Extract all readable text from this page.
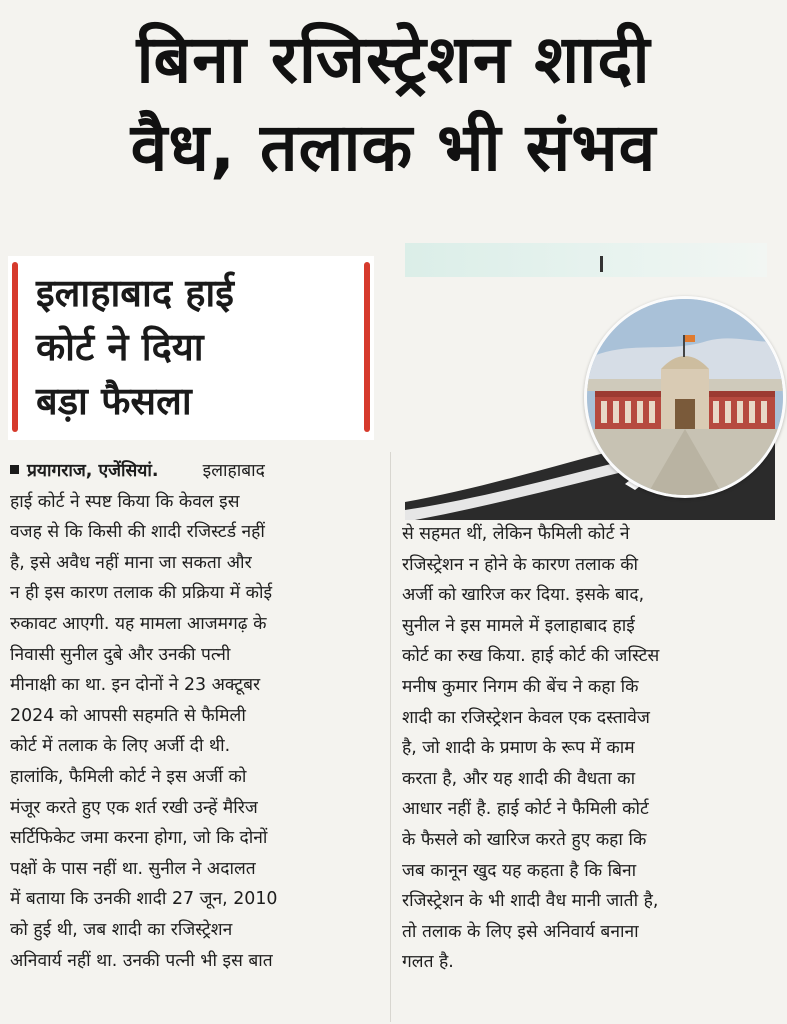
बिना रजिस्ट्रेशन शादी
वैध, तलाक भी संभव
इलाहाबाद हाई
कोर्ट ने दिया
बड़ा फैसला
प्रयागराज, एजेंसियां.	इलाहाबाद
हाई कोर्ट ने स्पष्ट किया कि केवल इस
वजह से कि किसी की शादी रजिस्टर्ड नहीं
है, इसे अवैध नहीं माना जा सकता और
न ही इस कारण तलाक की प्रक्रिया में कोई
रुकावट आएगी. यह मामला आजमगढ़ के
निवासी सुनील दुबे और उनकी पत्नी
मीनाक्षी का था. इन दोनों ने 23 अक्टूबर
2024 को आपसी सहमति से फैमिली
कोर्ट में तलाक के लिए अर्जी दी थी.
हालांकि, फैमिली कोर्ट ने इस अर्जी को
मंजूर करते हुए एक शर्त रखी उन्हें मैरिज
सर्टिफिकेट जमा करना होगा, जो कि दोनों
पक्षों के पास नहीं था. सुनील ने अदालत
में बताया कि उनकी शादी 27 जून, 2010
को हुई थी, जब शादी का रजिस्ट्रेशन
अनिवार्य नहीं था. उनकी पत्नी भी इस बात
से सहमत थीं, लेकिन फैमिली कोर्ट ने
रजिस्ट्रेशन न होने के कारण तलाक की
अर्जी को खारिज कर दिया. इसके बाद,
सुनील ने इस मामले में इलाहाबाद हाई
कोर्ट का रुख किया. हाई कोर्ट की जस्टिस
मनीष कुमार निगम की बेंच ने कहा कि
शादी का रजिस्ट्रेशन केवल एक दस्तावेज
है, जो शादी के प्रमाण के रूप में काम
करता है, और यह शादी की वैधता का
आधार नहीं है. हाई कोर्ट ने फैमिली कोर्ट
के फैसले को खारिज करते हुए कहा कि
जब कानून खुद यह कहता है कि बिना
रजिस्ट्रेशन के भी शादी वैध मानी जाती है,
तो तलाक के लिए इसे अनिवार्य बनाना
गलत है.
